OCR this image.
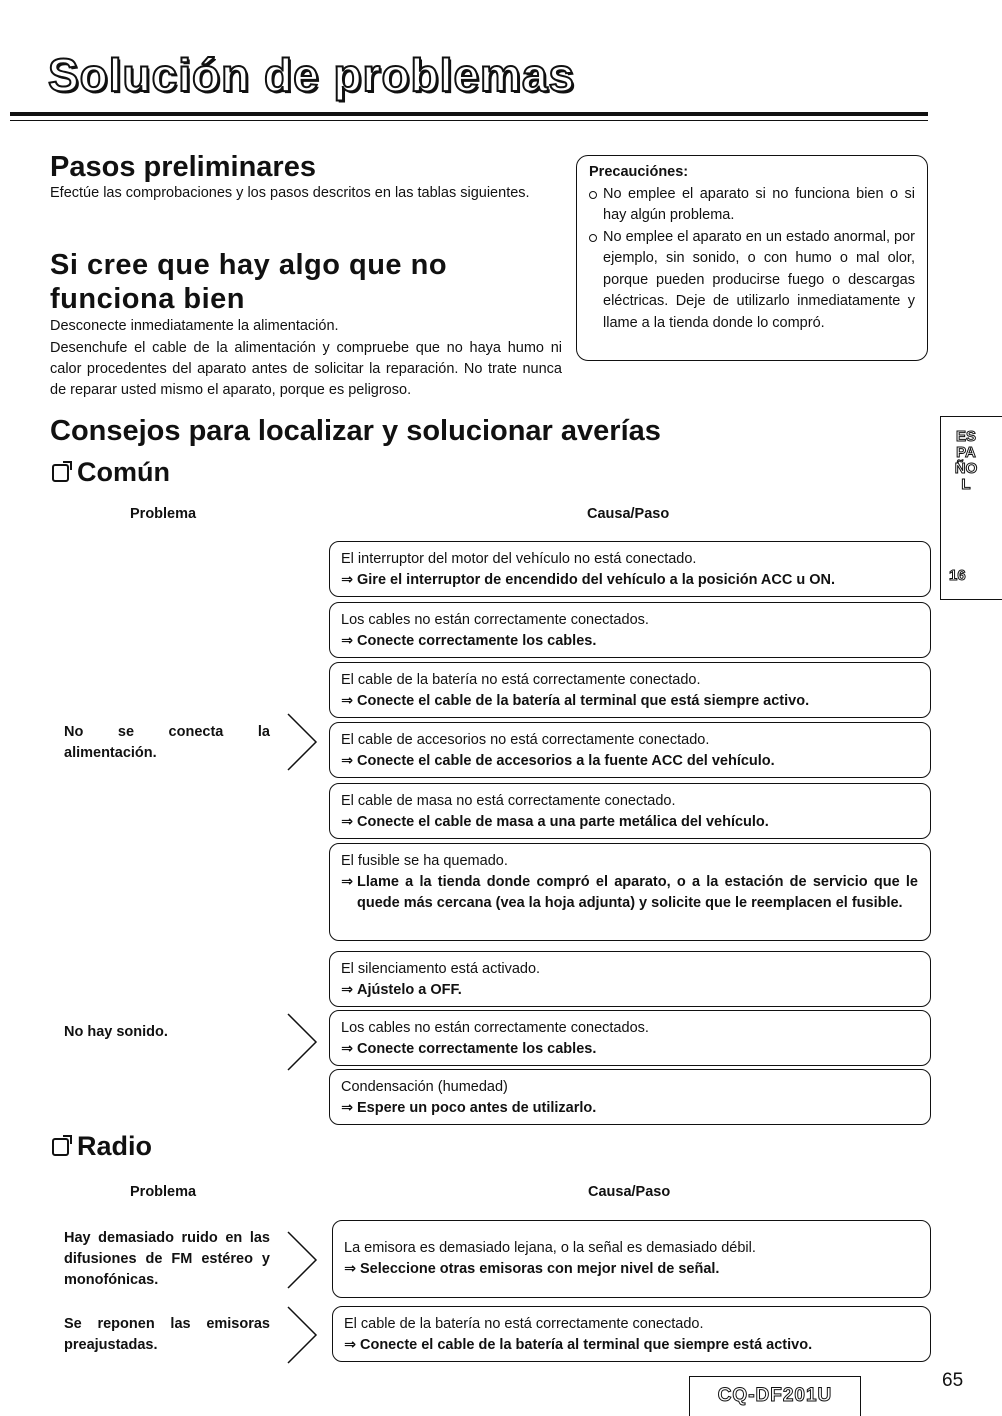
Solución de problemas
Pasos preliminares
Efectúe las comprobaciones y los pasos descritos en las tablas siguientes.
Si cree que hay algo que no funciona bien
Desconecte inmediatamente la alimentación.
Desenchufe el cable de la alimentación y compruebe que no haya humo ni calor procedentes del aparato antes de solicitar la reparación. No trate nunca de reparar usted mismo el aparato, porque es peligroso.
Precauciónes:
No emplee el aparato si no funciona bien o si hay algún problema.
No emplee el aparato en un estado anormal, por ejemplo, sin sonido, o con humo o mal olor, porque pueden producirse fuego o descargas eléctricas. Deje de utilizarlo inmediatamente y llame a la tienda donde lo compró.
Consejos para localizar y solucionar averías
Común
Problema	Causa/Paso
No se conecta la alimentación.
No hay sonido.
El interruptor del motor del vehículo no está conectado.
⇒ Gire el interruptor de encendido del vehículo a la posición ACC u ON.
Los cables no están correctamente conectados.
⇒ Conecte correctamente los cables.
El cable de la batería no está correctamente conectado.
⇒ Conecte el cable de la batería al terminal que está siempre activo.
El cable de accesorios no está correctamente conectado.
⇒ Conecte el cable de accesorios a la fuente ACC del vehículo.
El cable de masa no está correctamente conectado.
⇒ Conecte el cable de masa a una parte metálica del vehículo.
El fusible se ha quemado.
⇒ Llame a la tienda donde compró el aparato, o a la estación de servicio que le quede más cercana (vea la hoja adjunta) y solicite que le reemplacen el fusible.
El silenciamento está activado.
⇒ Ajústelo a OFF.
Los cables no están correctamente conectados.
⇒ Conecte correctamente los cables.
Condensación (humedad)
⇒ Espere un poco antes de utilizarlo.
Radio
Problema	Causa/Paso
Hay demasiado ruido en las difusiones de FM estéreo y monofónicas.
Se reponen las emisoras preajustadas.
La emisora es demasiado lejana, o la señal es demasiado débil.
⇒ Seleccione otras emisoras con mejor nivel de señal.
El cable de la batería no está correctamente conectado.
⇒ Conecte el cable de la batería al terminal que siempre está activo.
ESPAÑOL
16
65
CQ-DF201U
